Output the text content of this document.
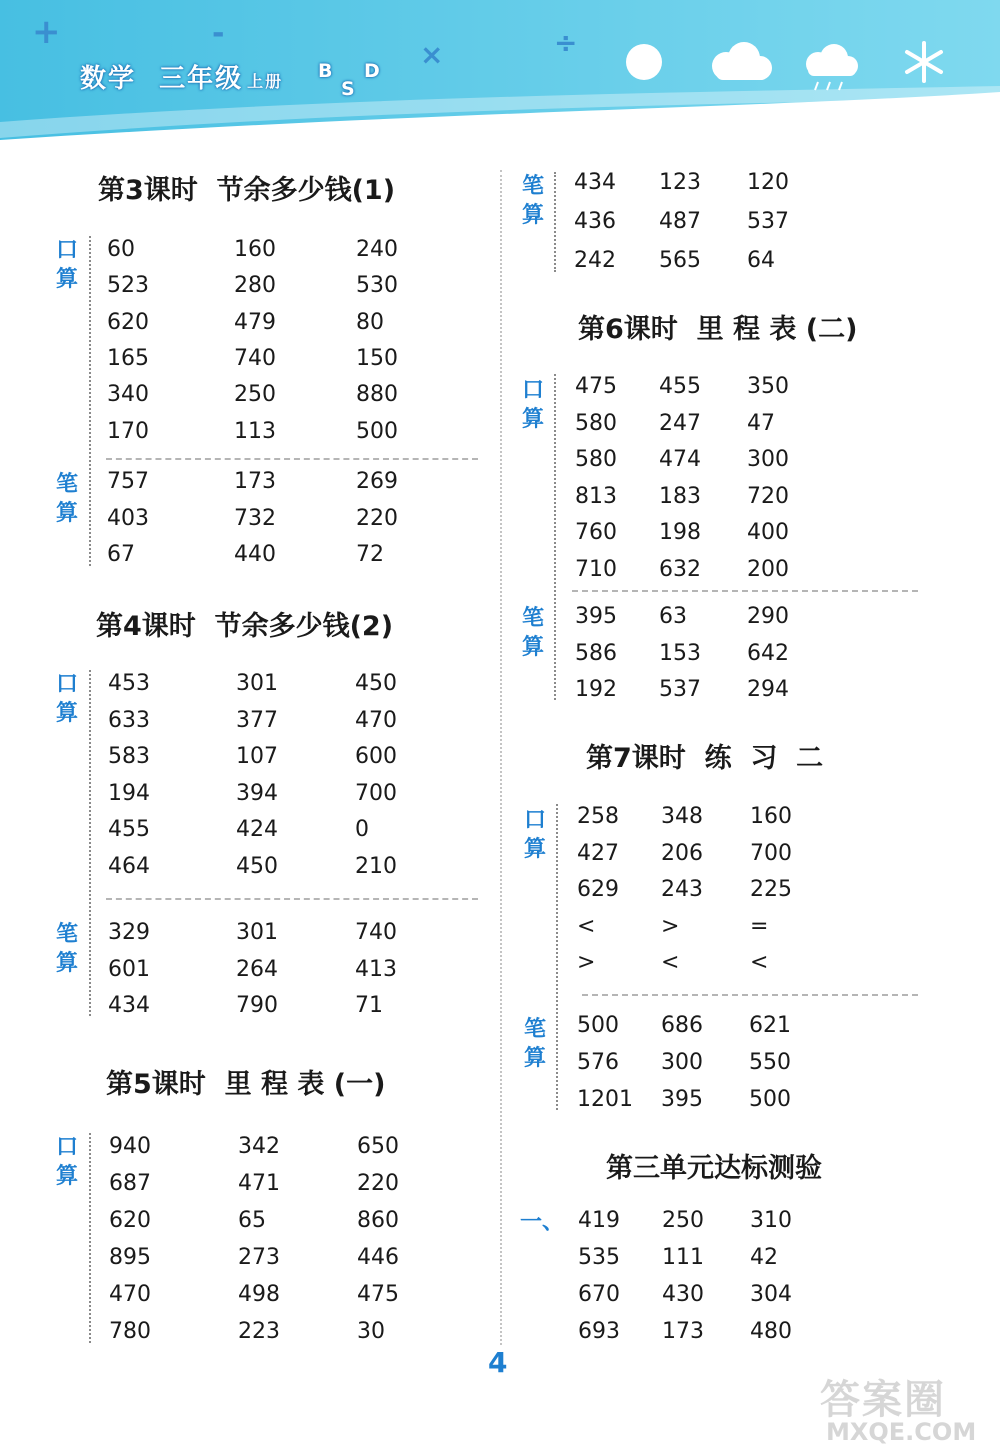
+	-
×	÷
数学 三年级 上册 B
S
D
第3课时  节余多少钱(1)
第4课时  节余多少钱(2)
第5课时  里 程 表 (一)
第6课时  里 程 表 (二)
第7课时  练  习  二
第三单元达标测验
口算
笔算
口算
笔算
口算
笔算
口算
笔算
口算
笔算
一、
4
答案圈
MXQE.COM
60	160	240
523	280	530
620	479	80
165	740	150
340	250	880
170	113	500
757	173	269
403	732	220
67	440	72
453	301	450
633	377	470
583	107	600
194	394	700
455	424	0
464	450	210
329	301	740
601	264	413
434	790	71
940	342	650
687	471	220
620	65	860
895	273	446
470	498	475
780	223	30
434 123 120
436 487 537
242 565 64
475 455 350
580 247 47
580 474 300
813 183 720
760 198 400
710 632 200
395 63	290
586 153 642
192 537 294
258 348 160
427 206 700
629 243 225
<	>	=
>	<	<
500 686 621
576 300 550
1201 395 500
419 250 310
535 111 42
670 430 304
693 173 480
